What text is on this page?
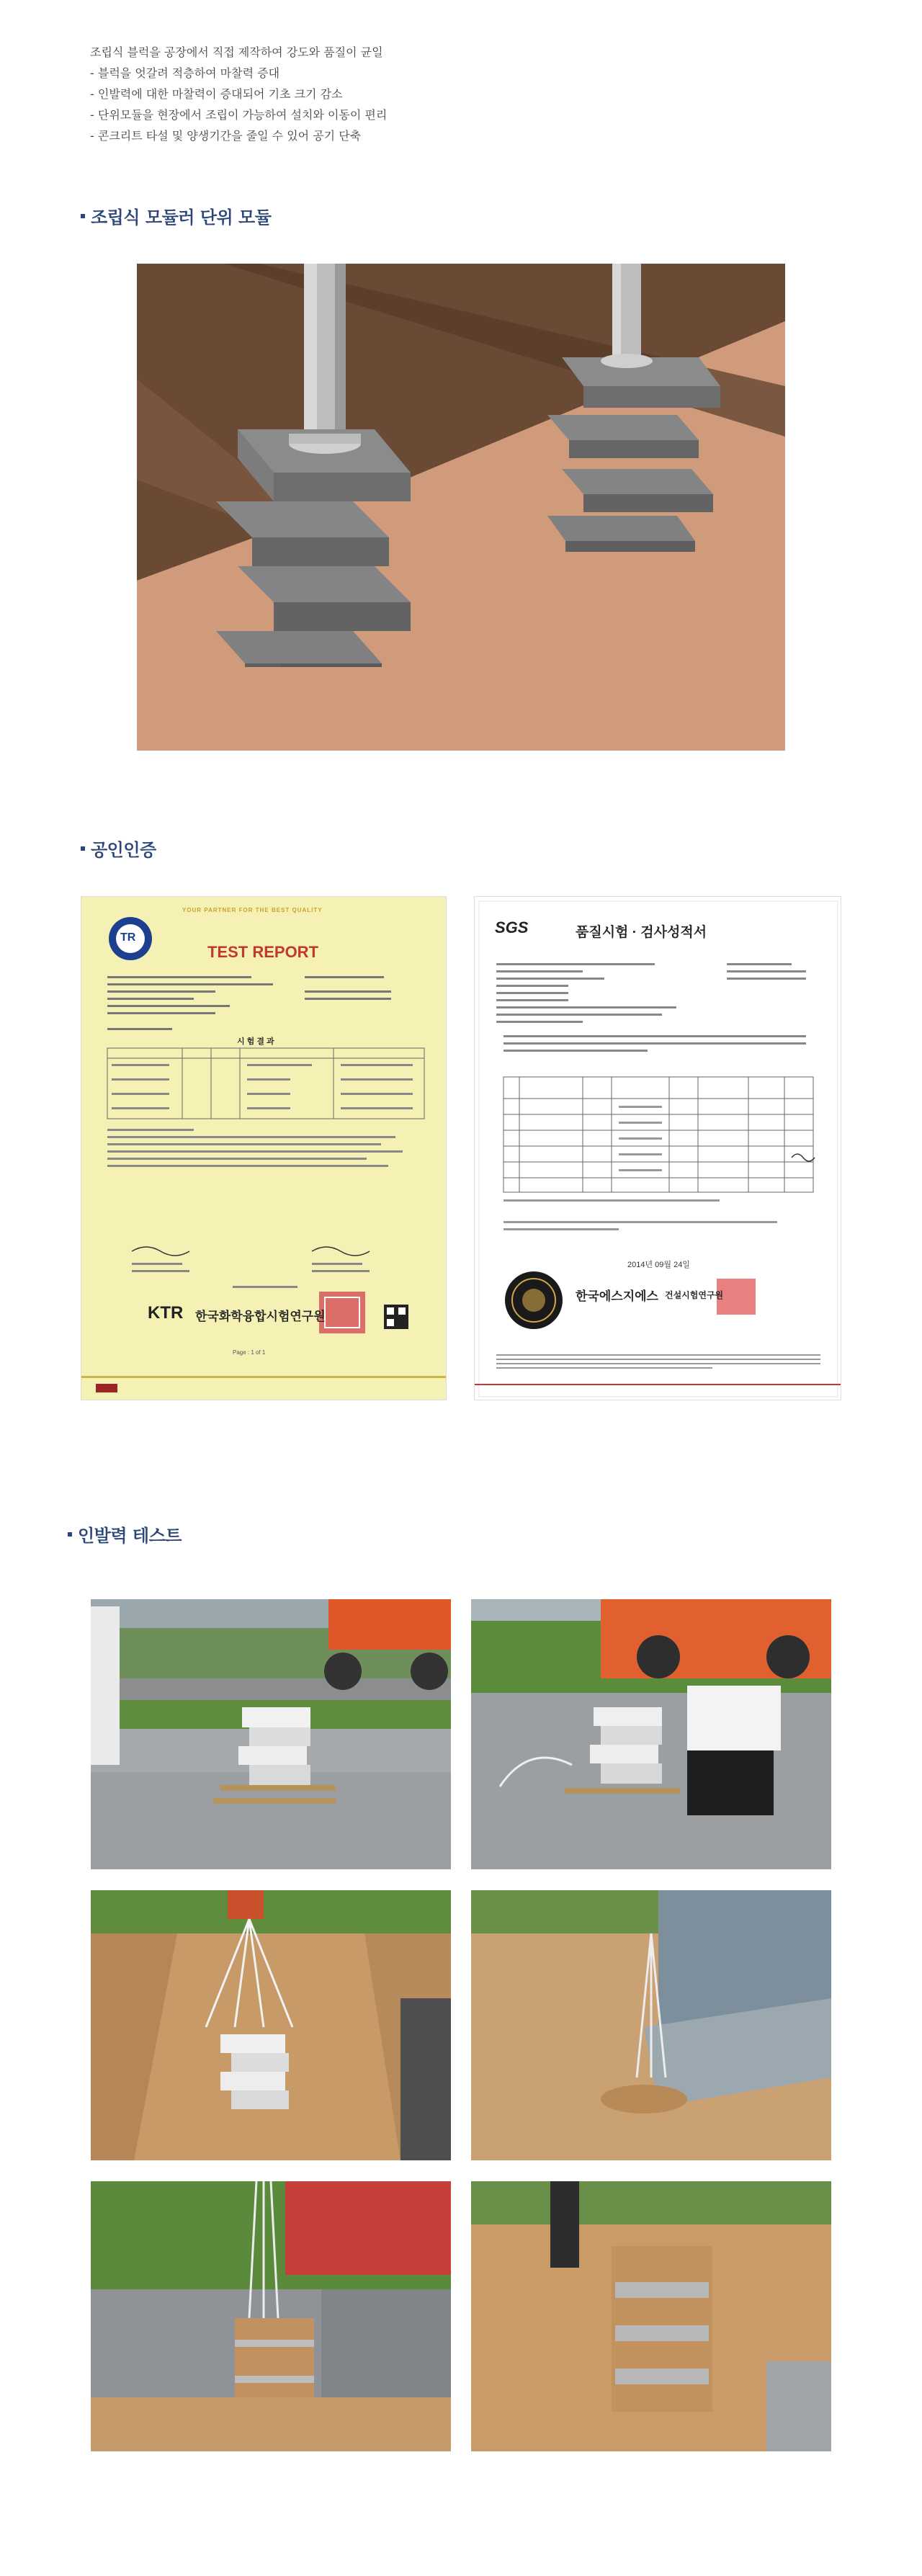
조립식 블럭을 공장에서 직접 제작하여 강도와 품질이 균일
- 블럭을 엇갈려 적층하여 마찰력 증대
- 인발력에 대한 마찰력이 증대되어 기초 크기 감소
- 단위모듈을 현장에서 조립이 가능하여 설치와 이동이 편리
- 콘크리트 타설 및 양생기간을 줄일 수 있어 공기 단축
조립식 모듈러 단위 모듈
공인인증
YOUR PARTNER FOR THE BEST QUALITY
TEST REPORT
TR
시 험 결 과
KTR 한국화학융합시험연구원
Page : 1 of 1
SGS	품질시험 · 검사성적서
2014년 09월 24일
한국에스지에스 건설시험연구원
인발력 테스트
